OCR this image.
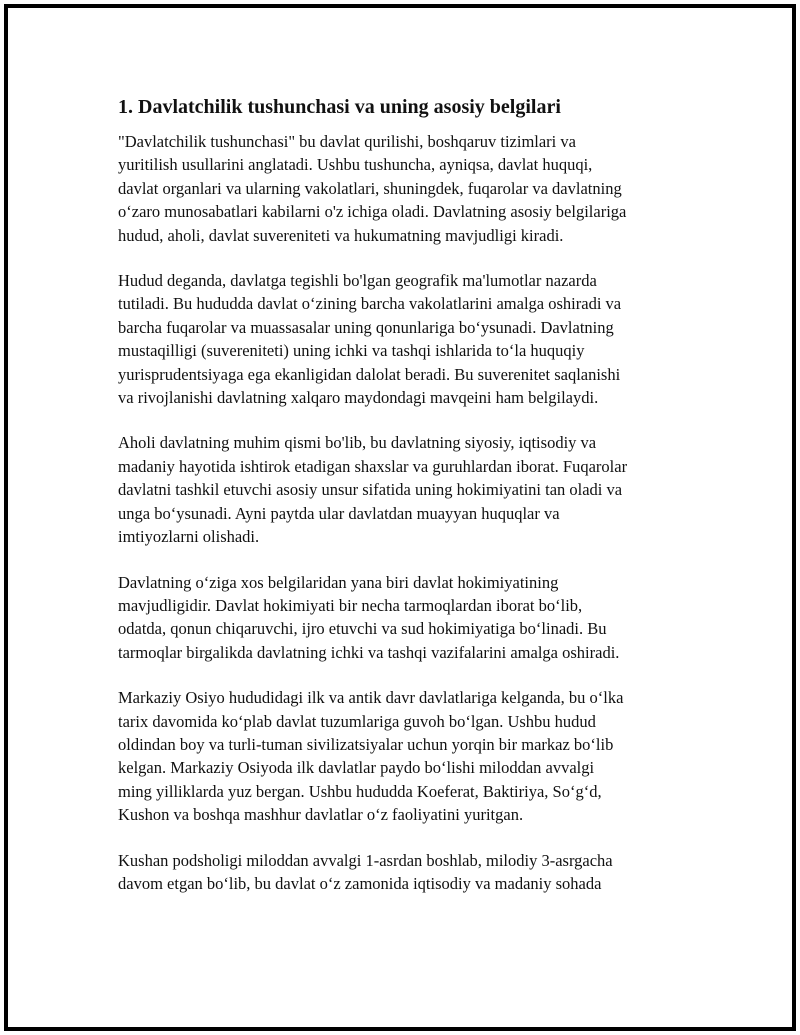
1. Davlatchilik tushunchasi va uning asosiy belgilari

"Davlatchilik tushunchasi" bu davlat qurilishi, boshqaruv tizimlari va
yuritilish usullarini anglatadi. Ushbu tushuncha, ayniqsa, davlat huquqi,
davlat organlari va ularning vakolatlari, shuningdek, fuqarolar va davlatning
oʻzaro munosabatlari kabilarni o'z ichiga oladi. Davlatning asosiy belgilariga
hudud, aholi, davlat suvereniteti va hukumatning mavjudligi kiradi.

Hudud deganda, davlatga tegishli bo'lgan geografik ma'lumotlar nazarda
tutiladi. Bu hududda davlat oʻzining barcha vakolatlarini amalga oshiradi va
barcha fuqarolar va muassasalar uning qonunlariga boʻysunadi. Davlatning
mustaqilligi (suvereniteti) uning ichki va tashqi ishlarida toʻla huquqiy
yurisprudentsiyaga ega ekanligidan dalolat beradi. Bu suverenitet saqlanishi
va rivojlanishi davlatning xalqaro maydondagi mavqeini ham belgilaydi.

Aholi davlatning muhim qismi bo'lib, bu davlatning siyosiy, iqtisodiy va
madaniy hayotida ishtirok etadigan shaxslar va guruhlardan iborat. Fuqarolar
davlatni tashkil etuvchi asosiy unsur sifatida uning hokimiyatini tan oladi va
unga boʻysunadi. Ayni paytda ular davlatdan muayyan huquqlar va
imtiyozlarni olishadi.

Davlatning oʻziga xos belgilaridan yana biri davlat hokimiyatining
mavjudligidir. Davlat hokimiyati bir necha tarmoqlardan iborat boʻlib,
odatda, qonun chiqaruvchi, ijro etuvchi va sud hokimiyatiga boʻlinadi. Bu
tarmoqlar birgalikda davlatning ichki va tashqi vazifalarini amalga oshiradi.

Markaziy Osiyo hududidagi ilk va antik davr davlatlariga kelganda, bu oʻlka
tarix davomida koʻplab davlat tuzumlariga guvoh boʻlgan. Ushbu hudud
oldindan boy va turli-tuman sivilizatsiyalar uchun yorqin bir markaz boʻlib
kelgan. Markaziy Osiyoda ilk davlatlar paydo boʻlishi miloddan avvalgi
ming yilliklarda yuz bergan. Ushbu hududda Koeferat, Baktiriya, Soʻgʻd,
Kushon va boshqa mashhur davlatlar oʻz faoliyatini yuritgan.

Kushan podsholigi miloddan avvalgi 1-asrdan boshlab, milodiy 3-asrgacha
davom etgan boʻlib, bu davlat oʻz zamonida iqtisodiy va madaniy sohada
